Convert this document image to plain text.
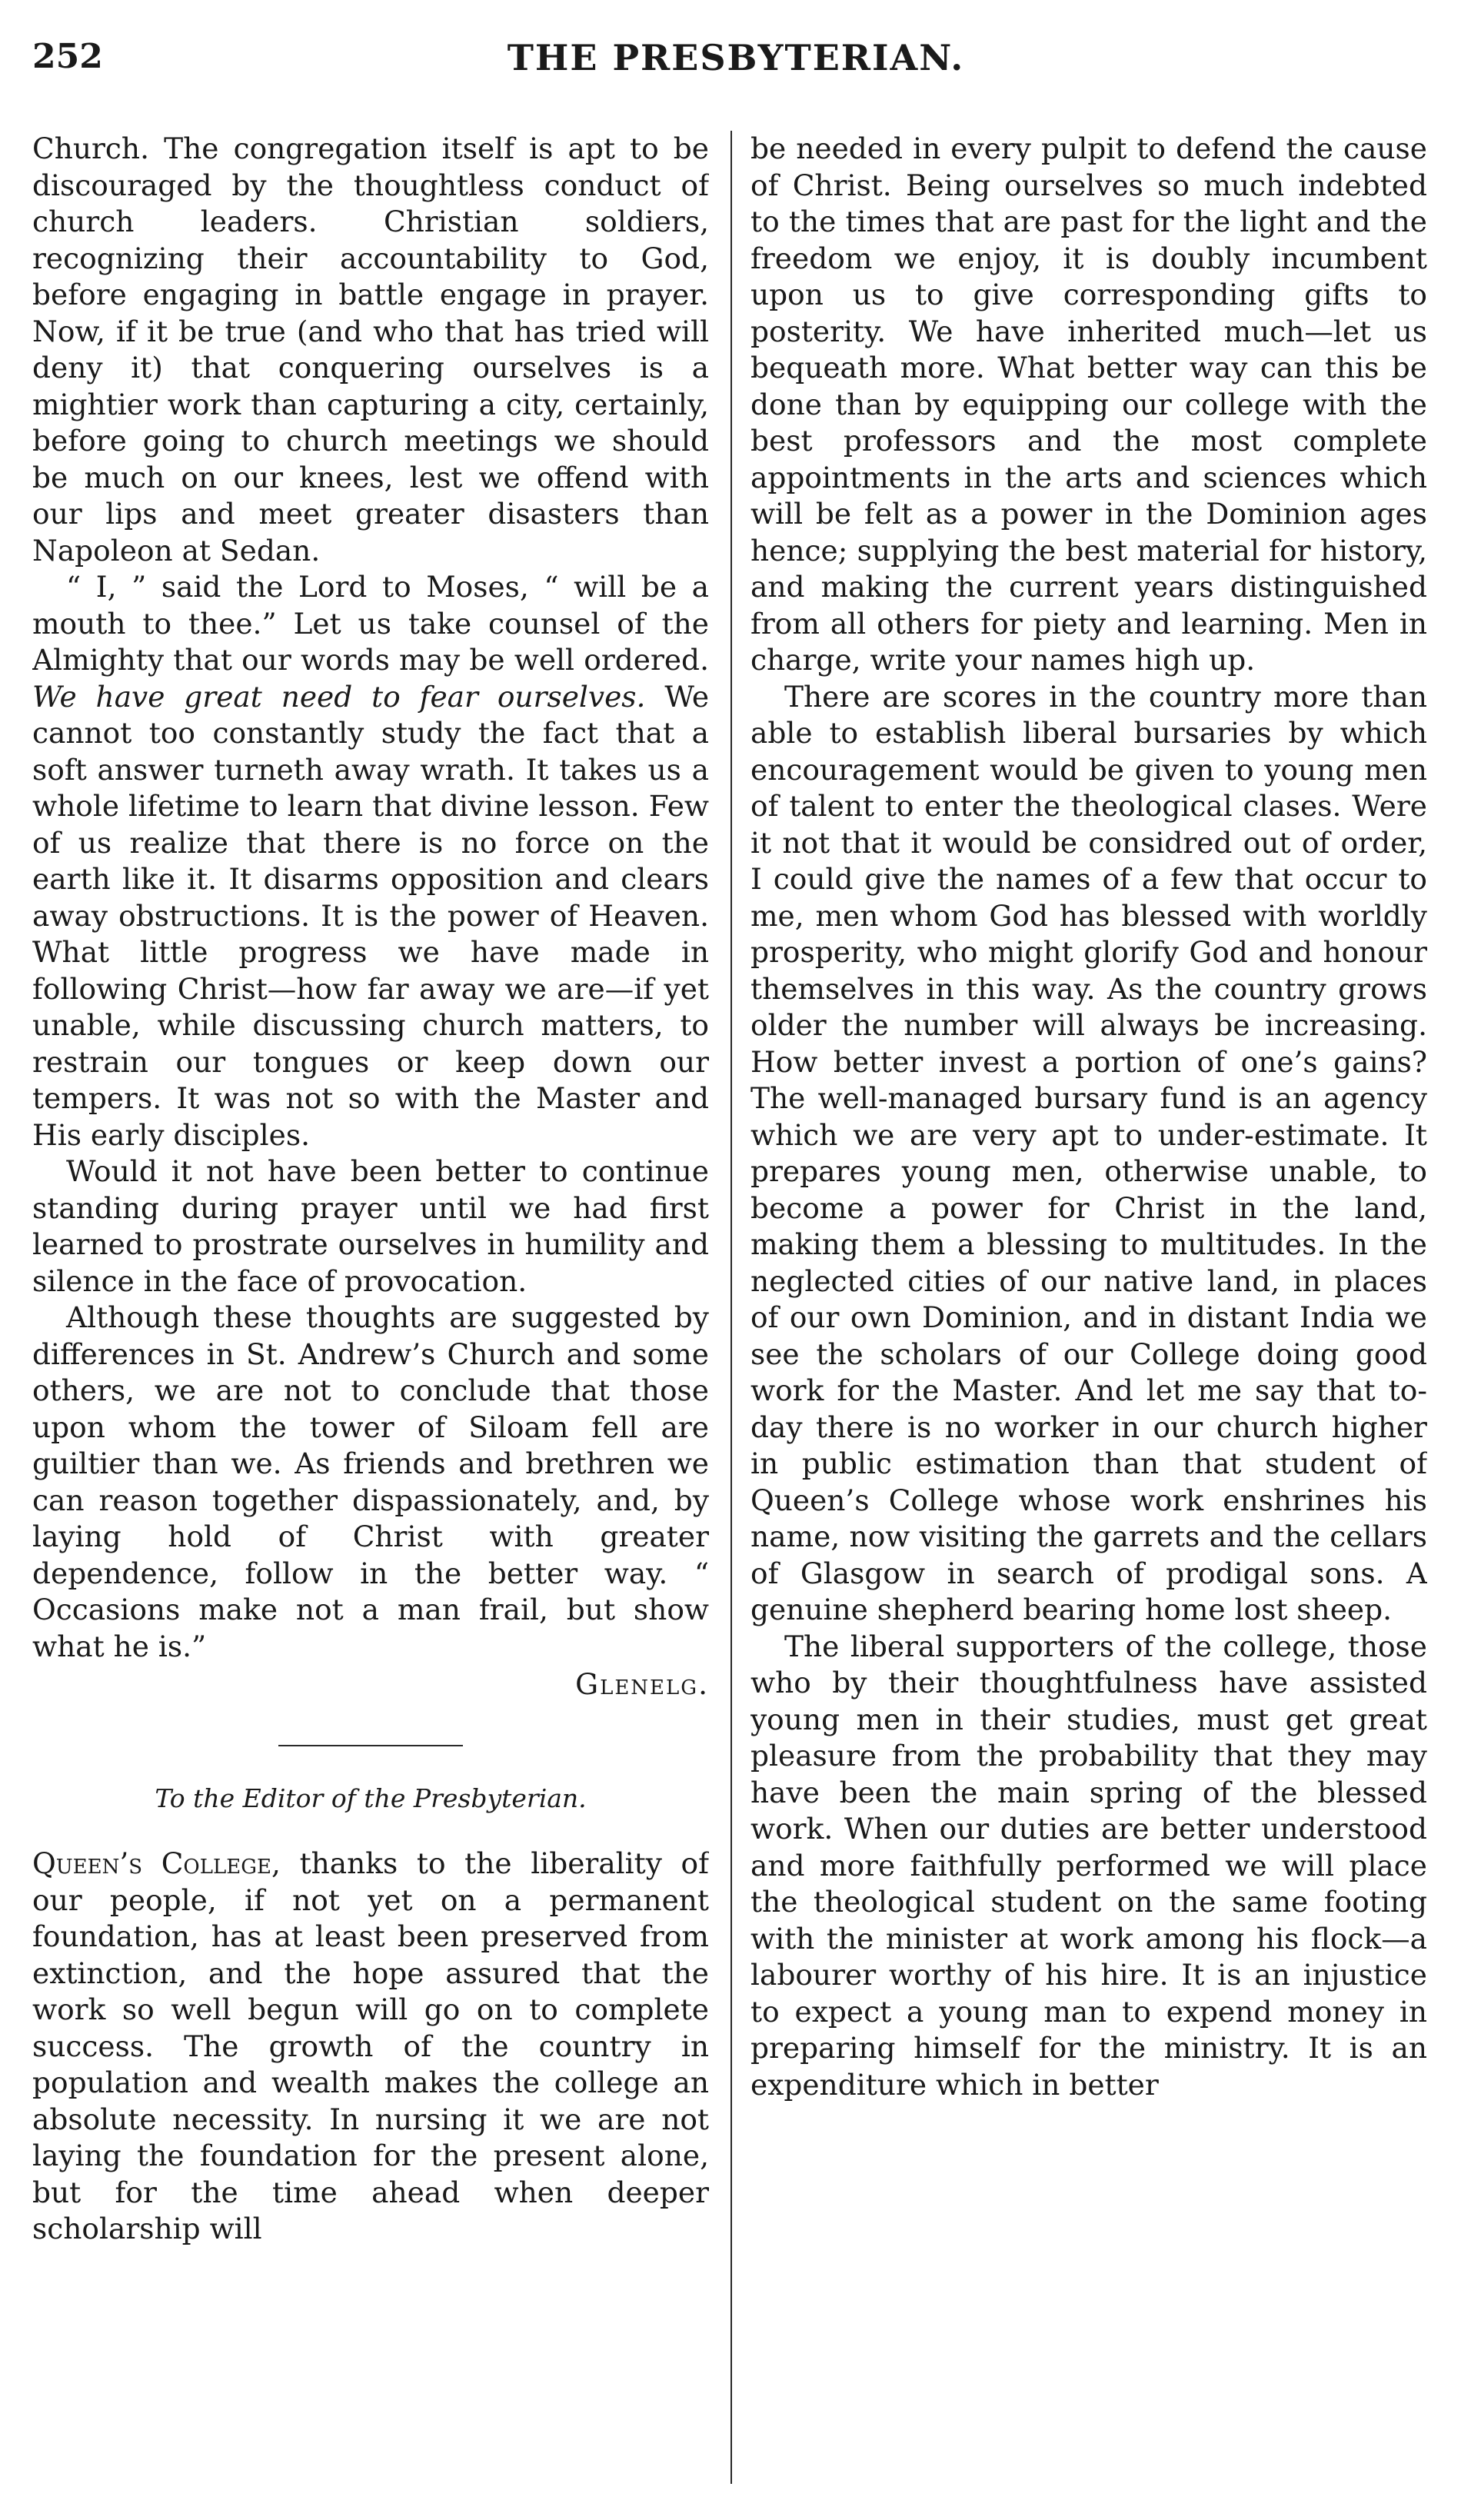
252	THE PRESBYTERIAN.

Church. The congregation itself is apt to be discouraged by the thoughtless conduct of church leaders. Christian soldiers, recognizing their accountability to God, before engaging in battle engage in prayer. Now, if it be true (and who that has tried will deny it) that conquering ourselves is a mightier work than capturing a city, certainly, before going to church meetings we should be much on our knees, lest we offend with our lips and meet greater disasters than Napoleon at Sedan.

“ I, ” said the Lord to Moses, “ will be a mouth to thee.” Let us take counsel of the Almighty that our words may be well ordered. We have great need to fear ourselves. We cannot too constantly study the fact that a soft answer turneth away wrath. It takes us a whole lifetime to learn that divine lesson. Few of us realize that there is no force on the earth like it. It disarms opposition and clears away obstructions. It is the power of Heaven. What little progress we have made in following Christ—how far away we are—if yet unable, while discussing church matters, to restrain our tongues or keep down our tempers. It was not so with the Master and His early disciples.

Would it not have been better to continue standing during prayer until we had first learned to prostrate ourselves in humility and silence in the face of provocation.

Although these thoughts are suggested by differences in St. Andrew’s Church and some others, we are not to conclude that those upon whom the tower of Siloam fell are guiltier than we. As friends and brethren we can reason together dispassionately, and, by laying hold of Christ with greater dependence, follow in the better way. “ Occasions make not a man frail, but show what he is.”

Glenelg.
To the Editor of the Presbyterian.

Queen’s College, thanks to the liberality of our people, if not yet on a permanent foundation, has at least been preserved from extinction, and the hope assured that the work so well begun will go on to complete success. The growth of the country in population and wealth makes the college an absolute necessity. In nursing it we are not laying the foundation for the present alone, but for the time ahead when deeper scholarship will

be needed in every pulpit to defend the cause of Christ. Being ourselves so much indebted to the times that are past for the light and the freedom we enjoy, it is doubly incumbent upon us to give corresponding gifts to posterity. We have inherited much—let us bequeath more. What better way can this be done than by equipping our college with the best professors and the most complete appointments in the arts and sciences which will be felt as a power in the Dominion ages hence; supplying the best material for history, and making the current years distinguished from all others for piety and learning. Men in charge, write your names high up.

There are scores in the country more than able to establish liberal bursaries by which encouragement would be given to young men of talent to enter the theological clases. Were it not that it would be considred out of order, I could give the names of a few that occur to me, men whom God has blessed with worldly prosperity, who might glorify God and honour themselves in this way. As the country grows older the number will always be increasing. How better invest a portion of one’s gains? The well-managed bursary fund is an agency which we are very apt to under-estimate. It prepares young men, otherwise unable, to become a power for Christ in the land, making them a blessing to multitudes. In the neglected cities of our native land, in places of our own Dominion, and in distant India we see the scholars of our College doing good work for the Master. And let me say that to-day there is no worker in our church higher in public estimation than that student of Queen’s College whose work enshrines his name, now visiting the garrets and the cellars of Glasgow in search of prodigal sons. A genuine shepherd bearing home lost sheep.

The liberal supporters of the college, those who by their thoughtfulness have assisted young men in their studies, must get great pleasure from the probability that they may have been the main spring of the blessed work. When our duties are better understood and more faithfully performed we will place the theological student on the same footing with the minister at work among his flock—a labourer worthy of his hire. It is an injustice to expect a young man to expend money in preparing himself for the ministry. It is an expenditure which in better
